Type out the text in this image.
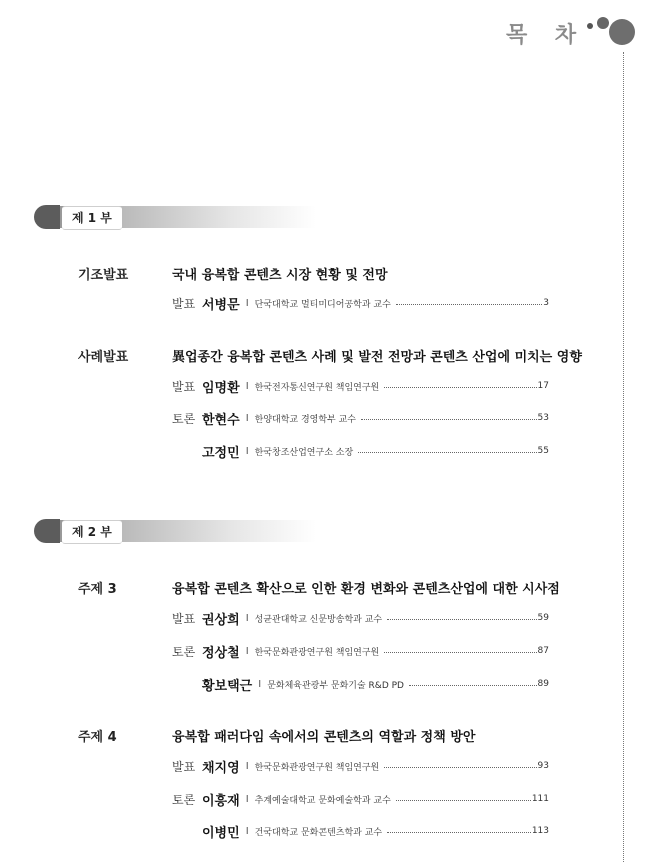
목 차
제 1 부
기조발표	국내 융복합 콘텐츠 시장 현황 및 전망
발표 서병문 I 단국대학교 멀티미디어공학과 교수	3
사례발표	異업종간 융복합 콘텐츠 사례 및 발전 전망과 콘텐츠 산업에 미치는 영향
발표 임명환 I 한국전자통신연구원 책임연구원	17
토론 한현수 I 한양대학교 경영학부 교수	53
고정민 I 한국창조산업연구소 소장	55
제 2 부
주제 3	융복합 콘텐츠 확산으로 인한 환경 변화와 콘텐츠산업에 대한 시사점
발표 권상희 I 성균관대학교 신문방송학과 교수	59
토론 정상철 I 한국문화관광연구원 책임연구원	87
황보택근 I 문화체육관광부 문화기술 R&D PD	89
주제 4	융복합 패러다임 속에서의 콘텐츠의 역할과 정책 방안
발표 채지영 I 한국문화관광연구원 책임연구원	93
토론 이흥재 I 추계예술대학교 문화예술학과 교수	111
이병민 I 건국대학교 문화콘텐츠학과 교수	113
